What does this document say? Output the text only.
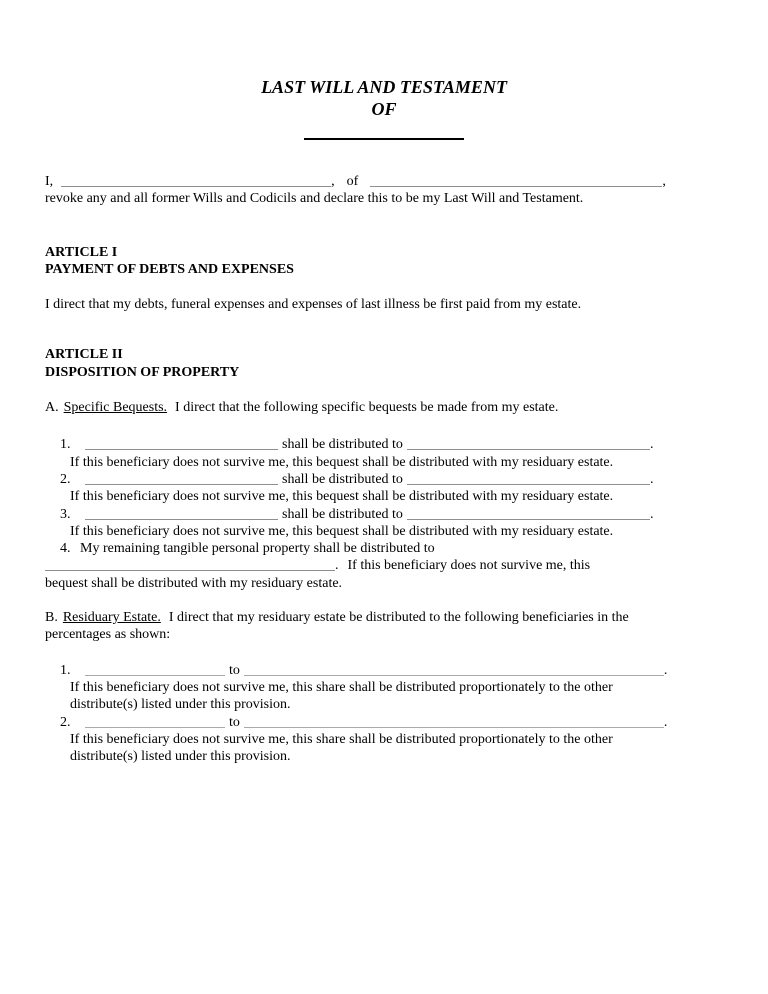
LAST WILL AND TESTAMENT
OF
I,	, of	,
revoke any and all former Wills and Codicils and declare this to be my Last Will and Testament.
ARTICLE I
PAYMENT OF DEBTS AND EXPENSES
I direct that my debts, funeral expenses and expenses of last illness be first paid from my estate.
ARTICLE II
DISPOSITION OF PROPERTY
A. Specific Bequests. I direct that the following specific bequests be made from my estate.
1.	shall be distributed to	.
If this beneficiary does not survive me, this bequest shall be distributed with my residuary estate.
2.	shall be distributed to	.
If this beneficiary does not survive me, this bequest shall be distributed with my residuary estate.
3.	shall be distributed to	.
If this beneficiary does not survive me, this bequest shall be distributed with my residuary estate.
4. My remaining tangible personal property shall be distributed to
. If this beneficiary does not survive me, this
bequest shall be distributed with my residuary estate.
B. Residuary Estate. I direct that my residuary estate be distributed to the following beneficiaries in the
percentages as shown:
1.	to	.
If this beneficiary does not survive me, this share shall be distributed proportionately to the other
distribute(s) listed under this provision.
2.	to	.
If this beneficiary does not survive me, this share shall be distributed proportionately to the other
distribute(s) listed under this provision.
